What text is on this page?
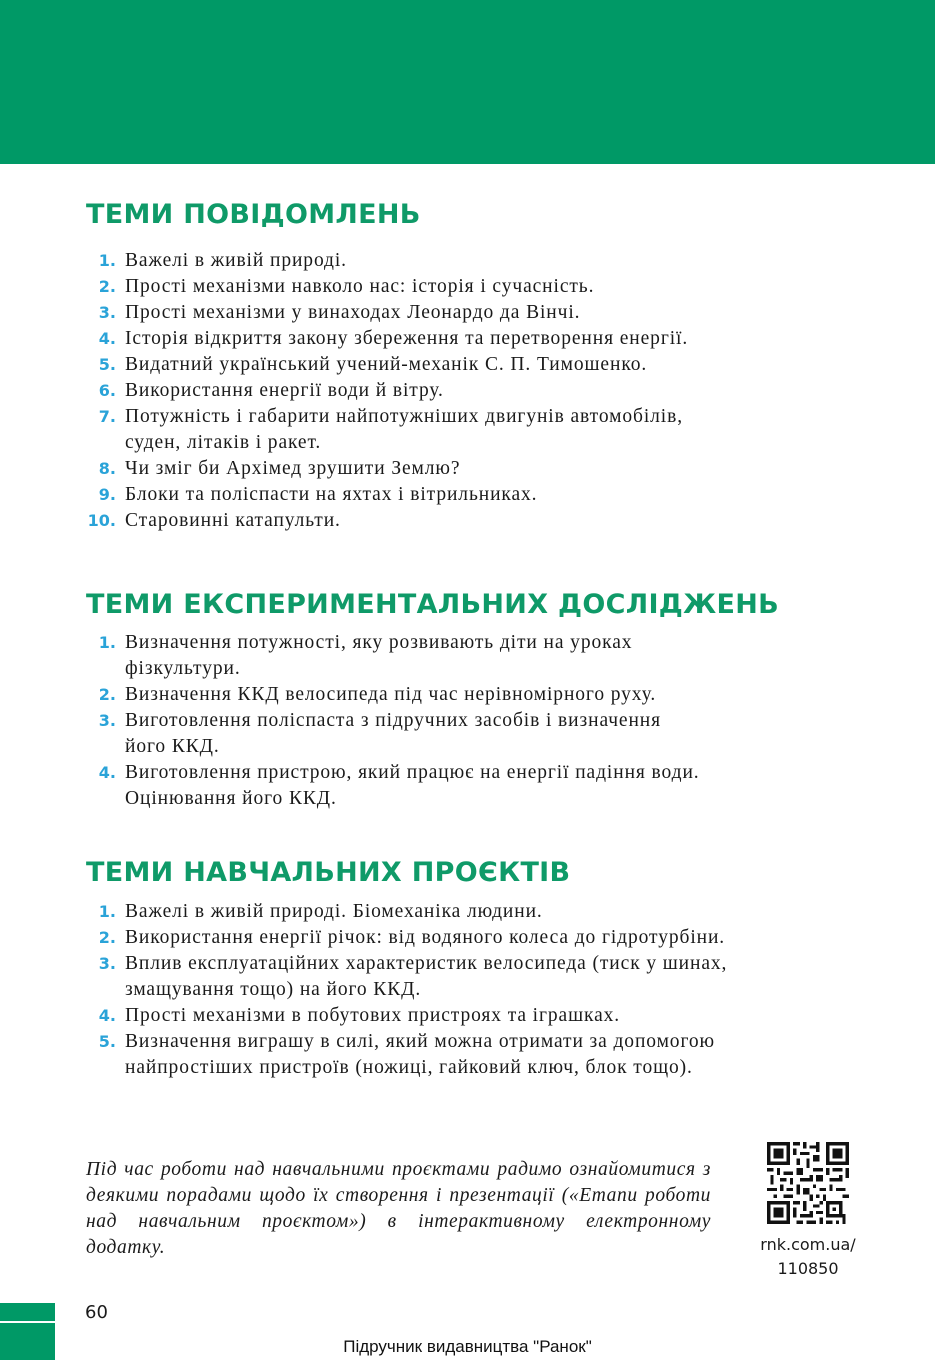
ТЕМИ ПОВІДОМЛЕНЬ
1. Важелі в живій природі.
2. Прості механізми навколо нас: історія і сучасність.
3. Прості механізми у винаходах Леонардо да Вінчі.
4. Історія відкриття закону збереження та перетворення енергії.
5. Видатний український учений-механік С. П. Тимошенко.
6. Використання енергії води й вітру.
7. Потужність і габарити найпотужніших двигунів автомобілів,
суден, літаків і ракет.
8. Чи зміг би Архімед зрушити Землю?
9. Блоки та поліспасти на яхтах і вітрильниках.
10. Старовинні катапульти.
ТЕМИ ЕКСПЕРИМЕНТАЛЬНИХ ДОСЛІДЖЕНЬ
1. Визначення потужності, яку розвивають діти на уроках
фізкультури.
2. Визначення ККД велосипеда під час нерівномірного руху.
3. Виготовлення поліспаста з підручних засобів і визначення
його ККД.
4. Виготовлення пристрою, який працює на енергії падіння води.
Оцінювання його ККД.
ТЕМИ НАВЧАЛЬНИХ ПРОЄКТІВ
1. Важелі в живій природі. Біомеханіка людини.
2. Використання енергії річок: від водяного колеса до гідротурбіни.
3. Вплив експлуатаційних характеристик велосипеда (тиск у шинах,
змащування тощо) на його ККД.
4. Прості механізми в побутових пристроях та іграшках.
5. Визначення виграшу в силі, який можна отримати за допомогою
найпростіших пристроїв (ножиці, гайковий ключ, блок тощо).
Під час роботи над навчальними проєктами радимо ознайомитися з деякими порадами щодо їх створення і презентації («Етапи роботи над навчальним проєктом») в інтерактивному електронному додатку.	rnk.com.ua/
110850
60
Підручник видавництва "Ранок"
